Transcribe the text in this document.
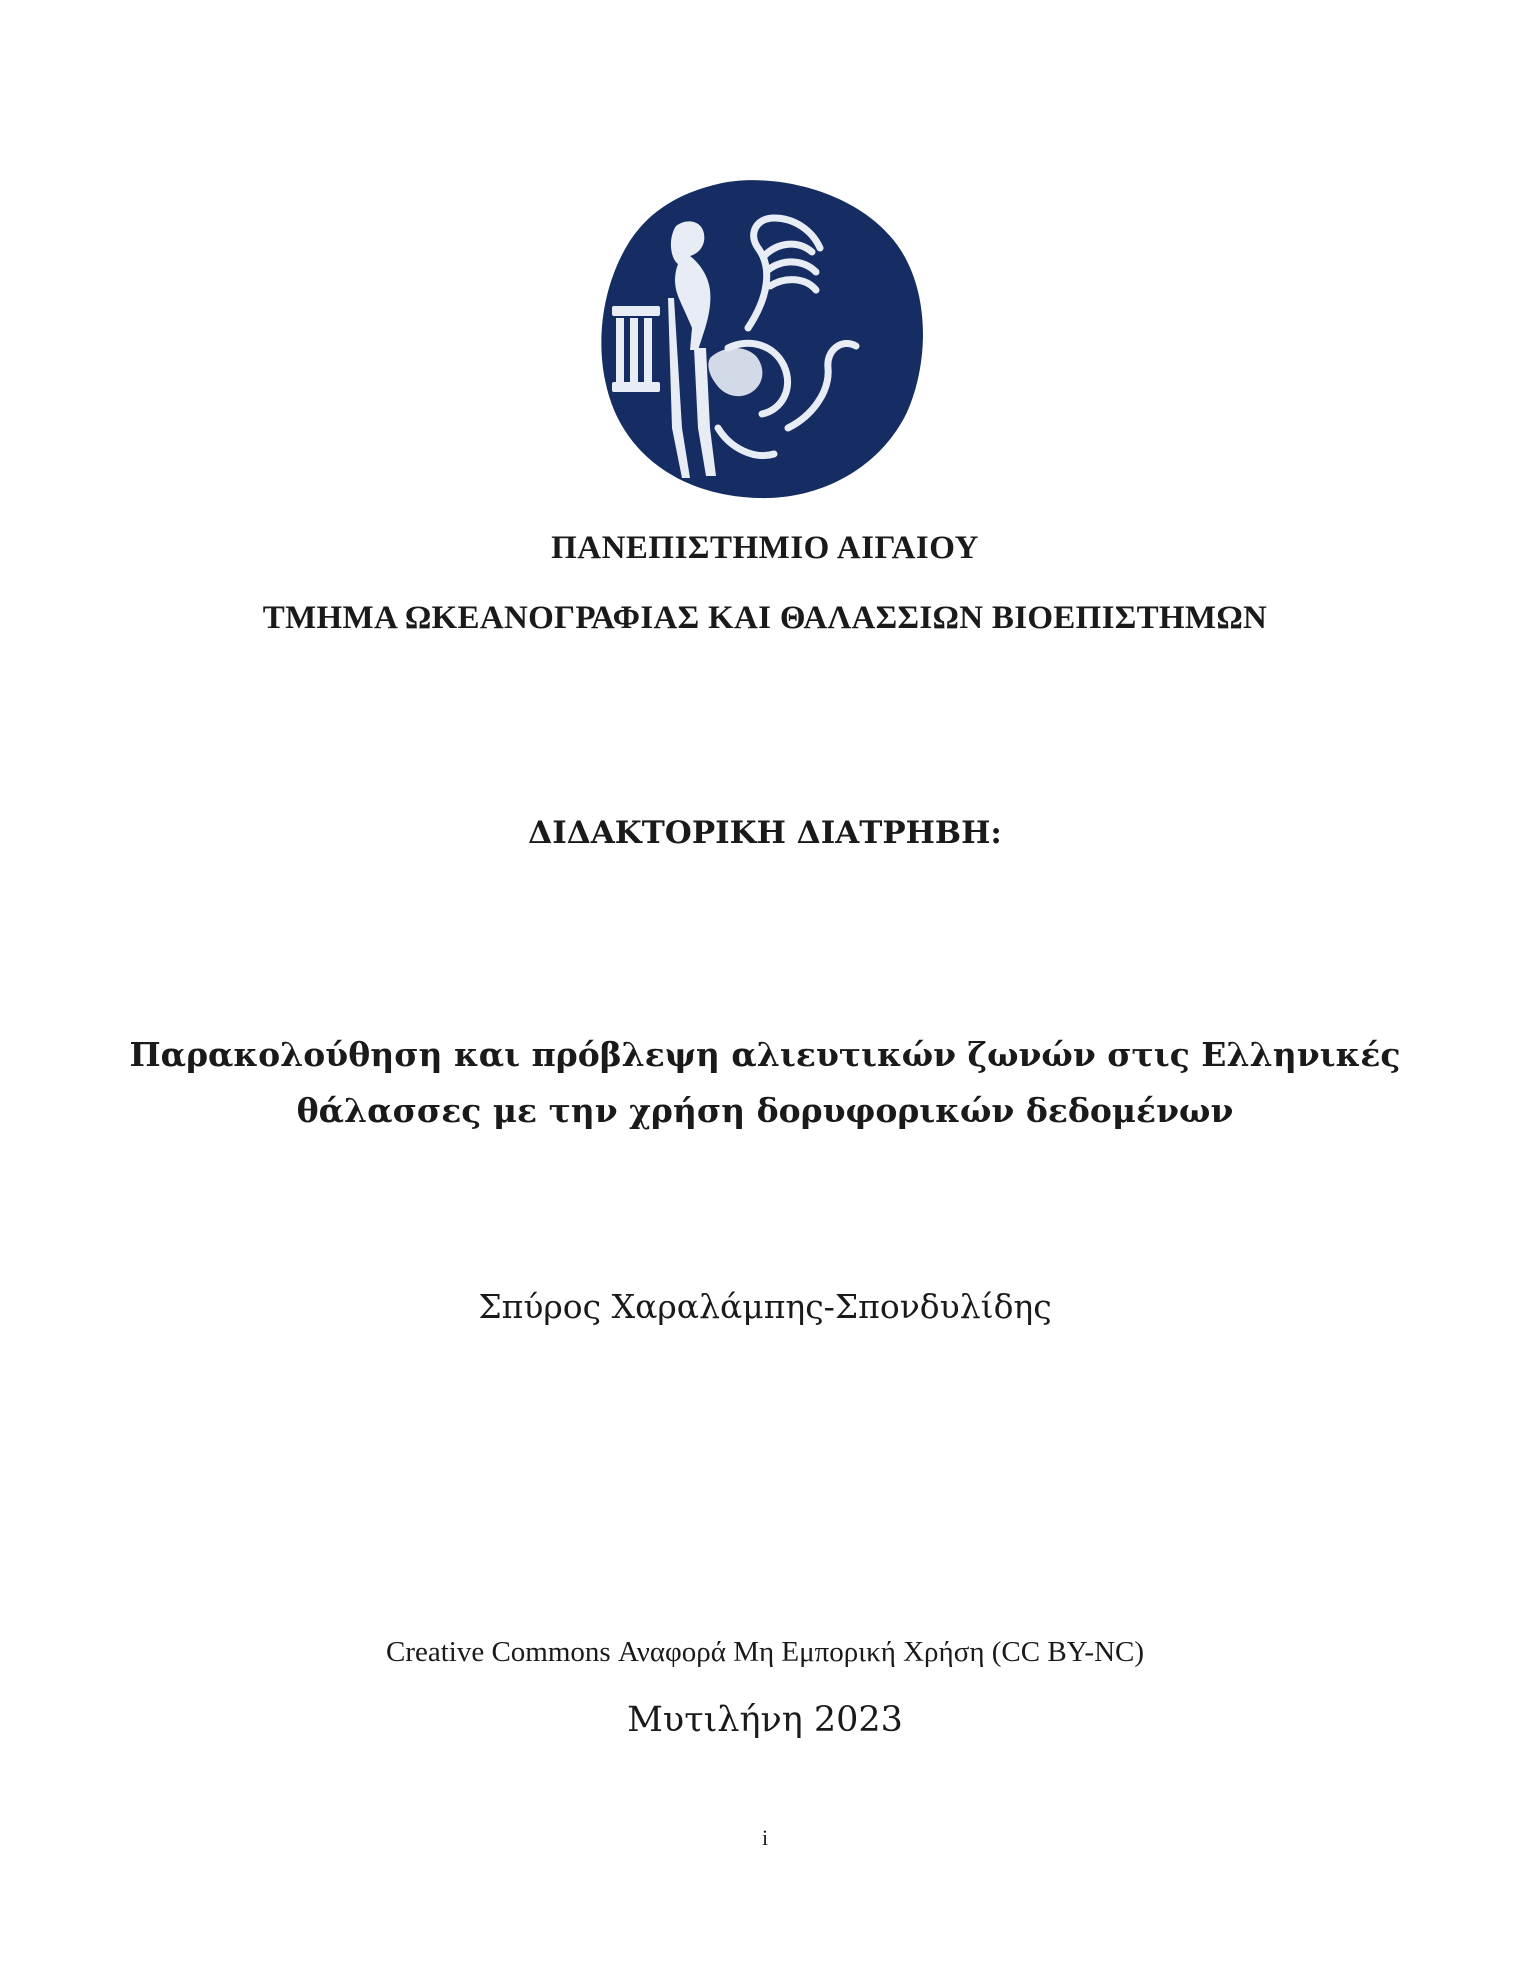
ΠΑΝΕΠΙΣΤΗΜΙΟ ΑΙΓΑΙΟΥ
ΤΜΗΜΑ ΩΚΕΑΝΟΓΡΑΦΙΑΣ ΚΑΙ ΘΑΛΑΣΣΙΩΝ ΒΙΟΕΠΙΣΤΗΜΩΝ
ΔΙΔΑΚΤΟΡΙΚΗ ΔΙΑΤΡΗΒΗ:
Παρακολούθηση και πρόβλεψη αλιευτικών ζωνών στις Ελληνικές
θάλασσες με την χρήση δορυφορικών δεδομένων
Σπύρος Χαραλάμπης-Σπονδυλίδης
Creative Commons Αναφορά Μη Εμπορική Χρήση (CC BY-NC)
Μυτιλήνη 2023
i
